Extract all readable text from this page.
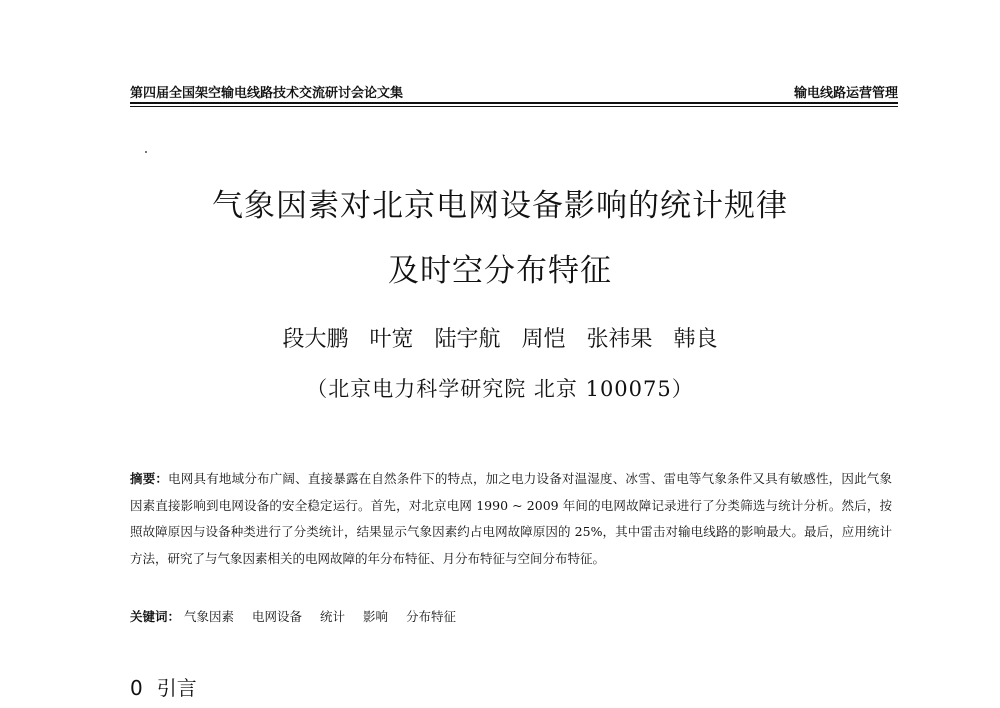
第四届全国架空输电线路技术交流研讨会论文集	输电线路运营管理
气象因素对北京电网设备影响的统计规律
及时空分布特征
段大鹏 叶宽 陆宇航 周恺 张祎果 韩良
（北京电力科学研究院 北京 100075）
摘要：电网具有地域分布广阔、直接暴露在自然条件下的特点，加之电力设备对温湿度、冰雪、雷电等气象条件又具有敏感性，因此气象因素直接影响到电网设备的安全稳定运行。首先，对北京电网 1990 ~ 2009 年间的电网故障记录进行了分类筛选与统计分析。然后，按照故障原因与设备种类进行了分类统计，结果显示气象因素约占电网故障原因的 25%，其中雷击对输电线路的影响最大。最后，应用统计方法，研究了与气象因素相关的电网故障的年分布特征、月分布特征与空间分布特征。
关键词： 气象因素 电网设备 统计 影响 分布特征
0 引言
